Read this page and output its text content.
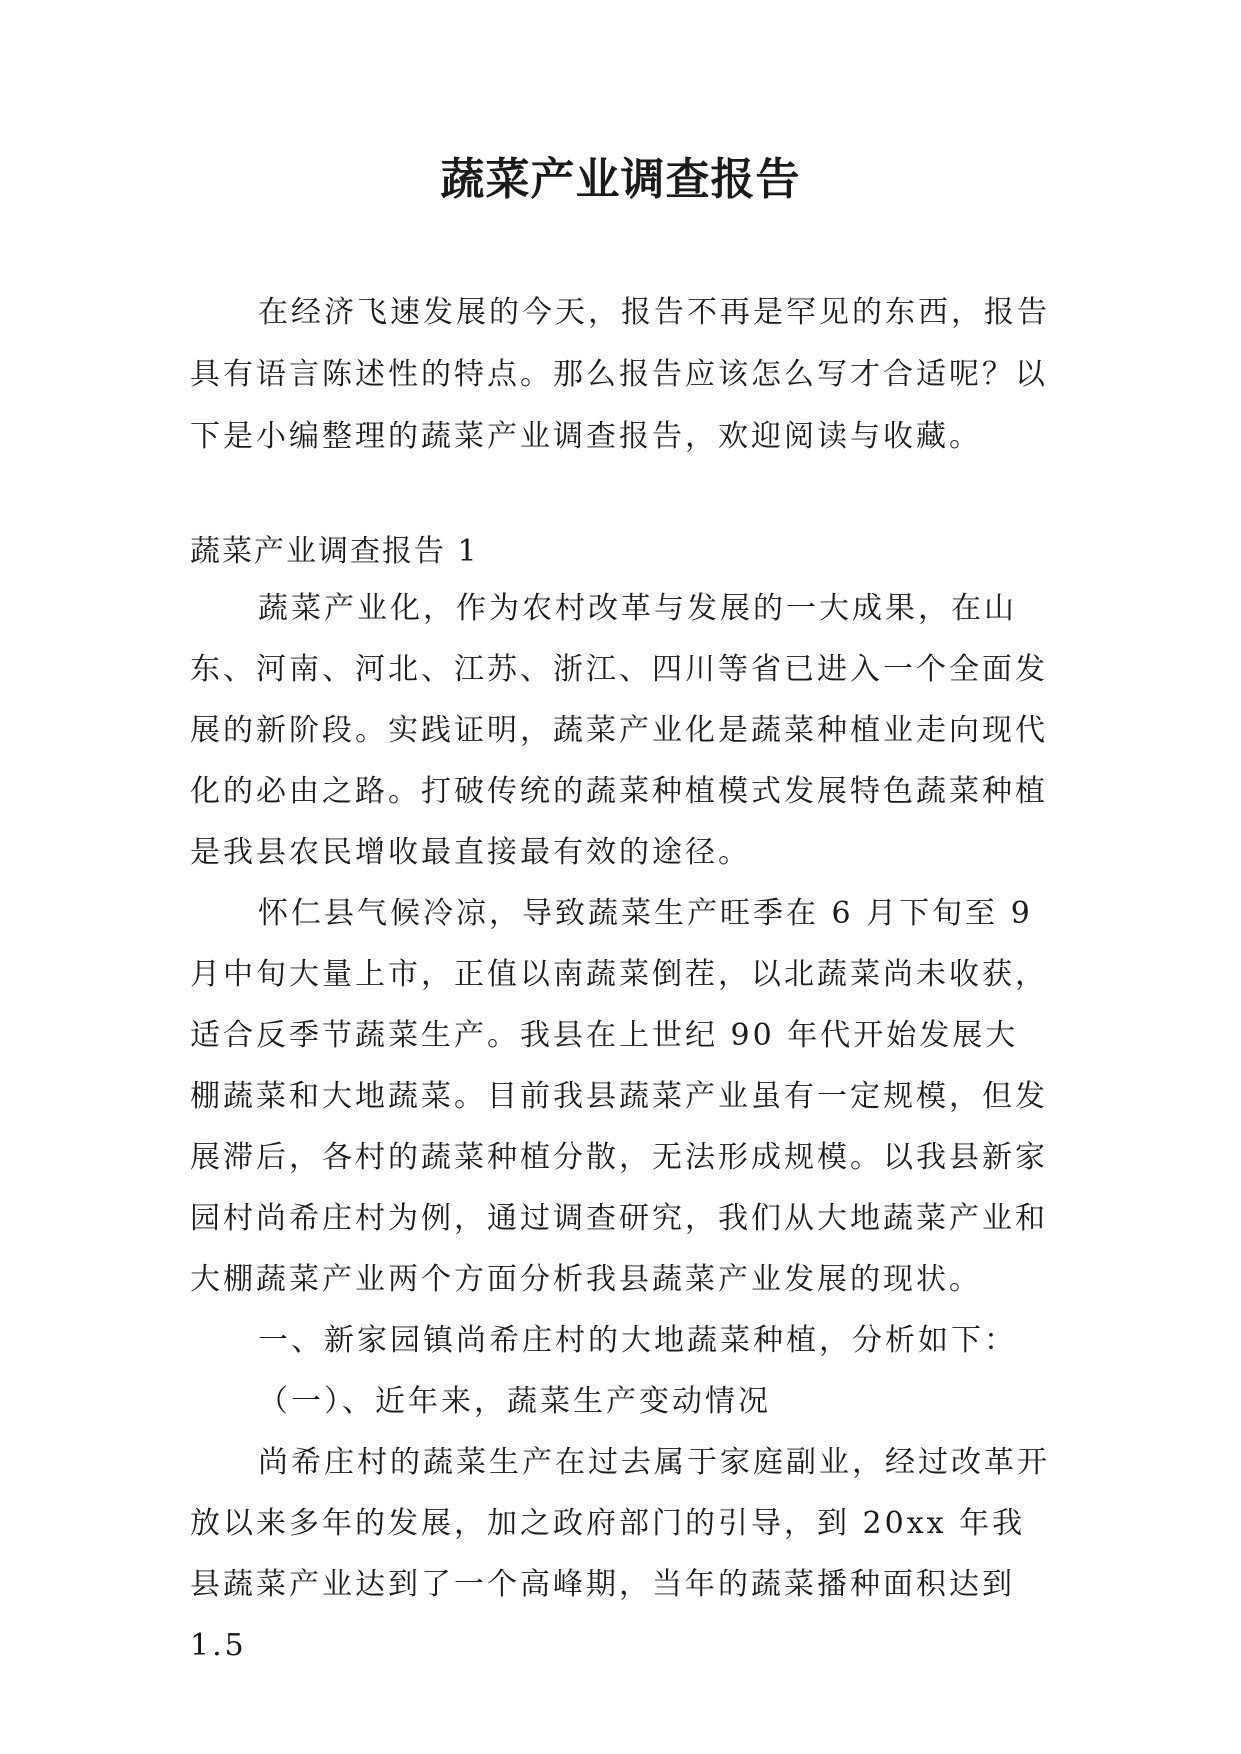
蔬菜产业调查报告

在经济飞速发展的今天，报告不再是罕见的东西，报告具有语言陈述性的特点。那么报告应该怎么写才合适呢？以下是小编整理的蔬菜产业调查报告，欢迎阅读与收藏。

蔬菜产业调查报告 1

蔬菜产业化，作为农村改革与发展的一大成果，在山东、河南、河北、江苏、浙江、四川等省已进入一个全面发展的新阶段。实践证明，蔬菜产业化是蔬菜种植业走向现代化的必由之路。打破传统的蔬菜种植模式发展特色蔬菜种植是我县农民增收最直接最有效的途径。

怀仁县气候冷凉，导致蔬菜生产旺季在 6 月下旬至 9 月中旬大量上市，正值以南蔬菜倒茬，以北蔬菜尚未收获，适合反季节蔬菜生产。我县在上世纪 90 年代开始发展大棚蔬菜和大地蔬菜。目前我县蔬菜产业虽有一定规模，但发展滞后，各村的蔬菜种植分散，无法形成规模。以我县新家园村尚希庄村为例，通过调查研究，我们从大地蔬菜产业和大棚蔬菜产业两个方面分析我县蔬菜产业发展的现状。

一、新家园镇尚希庄村的大地蔬菜种植，分析如下：

（一）、近年来，蔬菜生产变动情况

尚希庄村的蔬菜生产在过去属于家庭副业，经过改革开放以来多年的发展，加之政府部门的引导，到 20xx 年我县蔬菜产业达到了一个高峰期，当年的蔬菜播种面积达到 1.5
